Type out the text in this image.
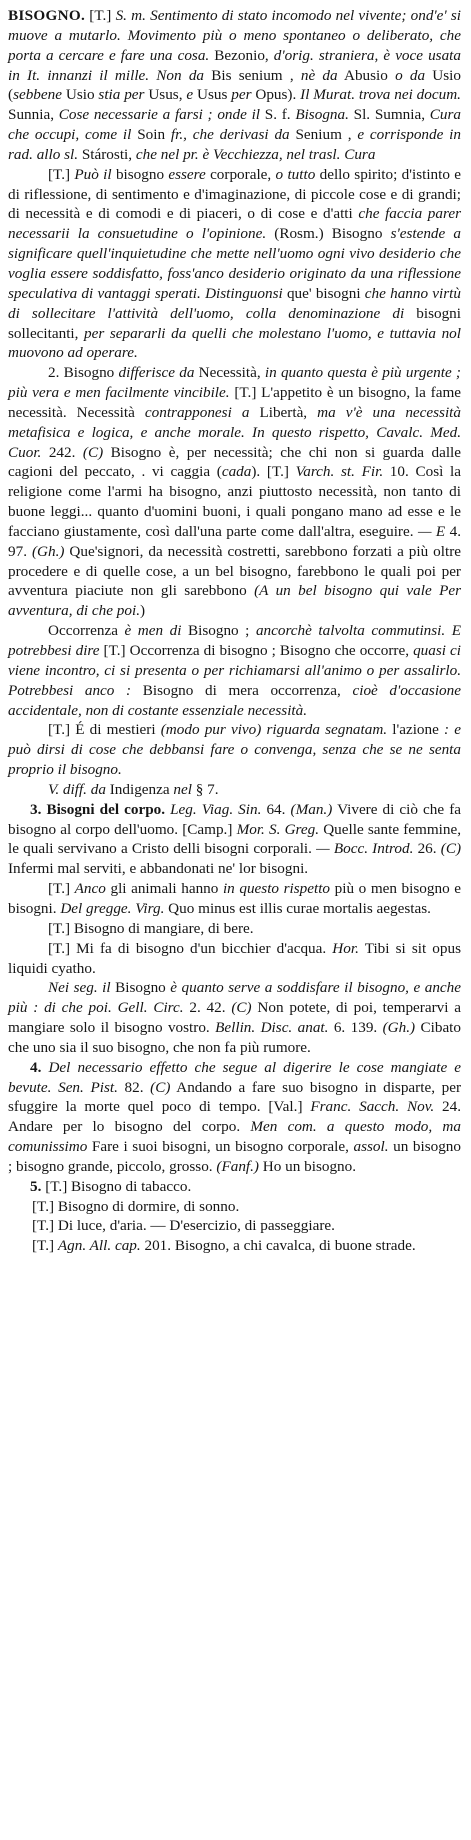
BISOGNO. [T.] S. m. Sentimento di stato incomodo nel vivente; ond'e' si muove a mutarlo. Movimento più o meno spontaneo o deliberato, che porta a cercare e fare una cosa. Bezonio, d'orig. straniera, è voce usata in It. innanzi il mille. Non da Bis senium , nè da Abusio o da Usio (sebbene Usio stia per Usus, e Usus per Opus). Il Murat. trova nei docum. Sunnia, Cose necessarie a farsi ; onde il S. f. Bisogna. Sl. Sumnia, Cura che occupi, come il Soin fr., che derivasi da Senium , e corrisponde in rad. allo sl. Stárosti, che nel pr. è Vecchiezza, nel trasl. Cura

[T.] Può il bisogno essere corporale, o tutto dello spirito; d'istinto e di riflessione, di sentimento e d'imaginazione, di piccole cose e di grandi; di necessità e di comodi e di piaceri, o di cose e d'atti che faccia parer necessarii la consuetudine o l'opinione. (Rosm.) Bisogno s'estende a significare quell'inquietudine che mette nell'uomo ogni vivo desiderio che voglia essere soddisfatto, foss'anco desiderio originato da una riflessione speculativa di vantaggi sperati. Distinguonsi que' bisogni che hanno virtù di sollecitare l'attività dell'uomo, colla denominazione di bisogni sollecitanti, per separarli da quelli che molestano l'uomo, e tuttavia nol muovono ad operare.

2. Bisogno differisce da Necessità, in quanto questa è più urgente ; più vera e men facilmente vincibile. [T.] L'appetito è un bisogno, la fame necessità. Necessità contrapponesi a Libertà, ma v'è una necessità metafisica e logica, e anche morale. In questo rispetto, Cavalc. Med. Cuor. 242. (C) Bisogno è, per necessità; che chi non si guarda dalle cagioni del peccato, . vi caggia (cada). [T.] Varch. st. Fir. 10. Così la religione come l'armi ha bisogno, anzi piuttosto necessità, non tanto di buone leggi... quanto d'uomini buoni, i quali pongano mano ad esse e le facciano giustamente, così dall'una parte come dall'altra, eseguire. — E 4. 97. (Gh.) Que'signori, da necessità costretti, sarebbono forzati a più oltre procedere e di quelle cose, a un bel bisogno, farebbono le quali poi per avventura piaciute non gli sarebbono (A un bel bisogno qui vale Per avventura, di che poi.)

Occorrenza è men di Bisogno ; ancorchè talvolta commutinsi. E potrebbesi dire [T.] Occorrenza di bisogno ; Bisogno che occorre, quasi ci viene incontro, ci si presenta o per richiamarsi all'animo o per assalirlo. Potrebbesi anco : Bisogno di mera occorrenza, cioè d'occasione accidentale, non di costante essenziale necessità.

[T.] É di mestieri (modo pur vivo) riguarda segnatam. l'azione : e può dirsi di cose che debbansi fare o convenga, senza che se ne senta proprio il bisogno.

V. diff. da Indigenza nel § 7.

3. Bisogni del corpo. Leg. Viag. Sin. 64. (Man.) Vivere di ciò che fa bisogno al corpo dell'uomo. [Camp.] Mor. S. Greg. Quelle sante femmine, le quali servivano a Cristo delli bisogni corporali. — Bocc. Introd. 26. (C) Infermi mal serviti, e abbandonati ne' lor bisogni.

[T.] Anco gli animali hanno in questo rispetto più o men bisogno e bisogni. Del gregge. Virg. Quo minus est illis curae mortalis aegestas.

[T.] Bisogno di mangiare, di bere.

[T.] Mi fa di bisogno d'un bicchier d'acqua. Hor. Tibi si sit opus liquidi cyatho.

Nei seg. il Bisogno è quanto serve a soddisfare il bisogno, e anche più : di che poi. Gell. Circ. 2. 42. (C) Non potete, di poi, temperarvi a mangiare solo il bisogno vostro. Bellin. Disc. anat. 6. 139. (Gh.) Cibato che uno sia il suo bisogno, che non fa più rumore.

4. Del necessario effetto che segue al digerire le cose mangiate e bevute. Sen. Pist. 82. (C) Andando a fare suo bisogno in disparte, per sfuggire la morte quel poco di tempo. [Val.] Franc. Sacch. Nov. 24. Andare per lo bisogno del corpo. Men com. a questo modo, ma comunissimo Fare i suoi bisogni, un bisogno corporale, assol. un bisogno ; bisogno grande, piccolo, grosso. (Fanf.) Ho un bisogno.

5. [T.] Bisogno di tabacco.

[T.] Bisogno di dormire, di sonno.

[T.] Di luce, d'aria. — D'esercizio, di passeggiare.

[T.] Agn. All. cap. 201. Bisogno, a chi cavalca, di buone strade.
